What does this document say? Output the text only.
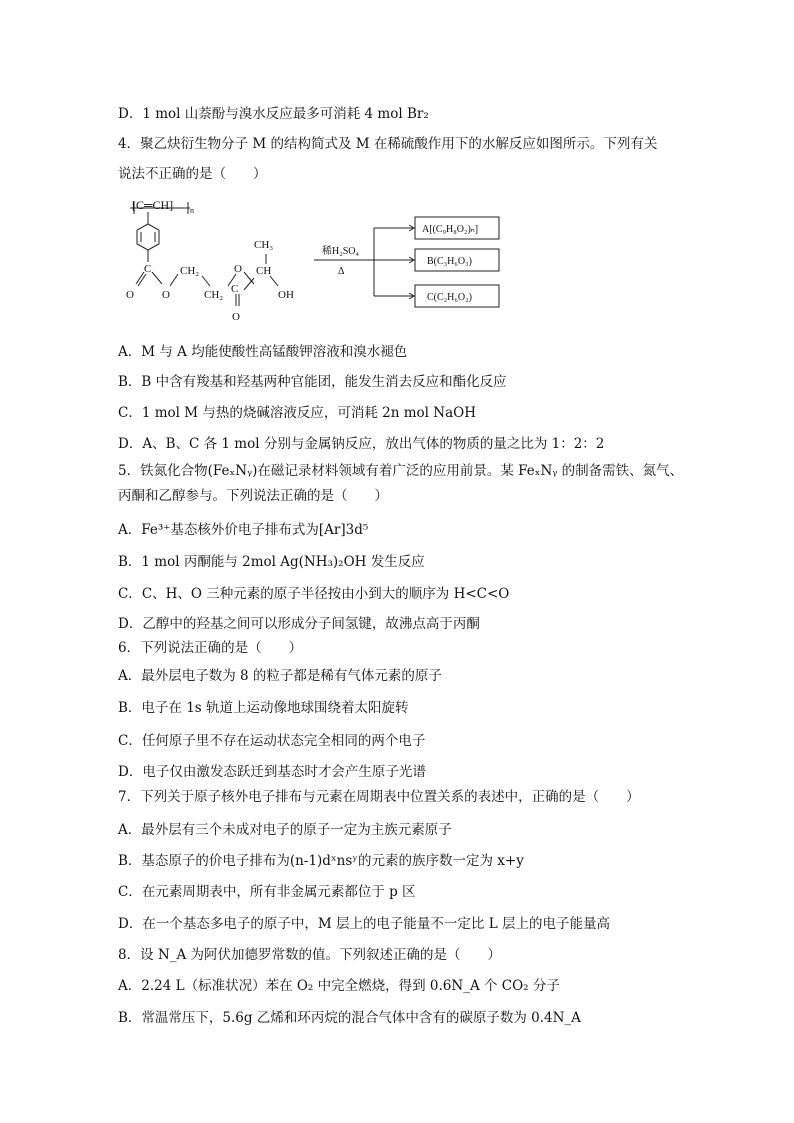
D．1 mol 山萘酚与溴水反应最多可消耗 4 mol Br₂
4．聚乙炔衍生物分子 M 的结构简式及 M 在稀硫酸作用下的水解反应如图所示。下列有关
说法不正确的是（　　）
[C═CH] n
C
O	O
CH₂
CH₂
O
C
O
CH₃
CH
OH
稀H₂SO₄
Δ
A[(C₉H₈O₂)ₙ]
B(C₃H₆O₃)
C(C₂H₆O₂)
A．M 与 A 均能使酸性高锰酸钾溶液和溴水褪色
B．B 中含有羧基和羟基两种官能团，能发生消去反应和酯化反应
C．1 mol M 与热的烧碱溶液反应，可消耗 2n mol NaOH
D．A、B、C 各 1 mol 分别与金属钠反应，放出气体的物质的量之比为 1：2：2
5．铁氮化合物(FeₓNᵧ)在磁记录材料领域有着广泛的应用前景。某 FeₓNᵧ 的制备需铁、氮气、
丙酮和乙醇参与。下列说法正确的是（　　）
A．Fe³⁺基态核外价电子排布式为[Ar]3d⁵
B．1 mol 丙酮能与 2mol Ag(NH₃)₂OH 发生反应
C．C、H、O 三种元素的原子半径按由小到大的顺序为 H<C<O
D．乙醇中的羟基之间可以形成分子间氢键，故沸点高于丙酮
6．下列说法正确的是（　　）
A．最外层电子数为 8 的粒子都是稀有气体元素的原子
B．电子在 1s 轨道上运动像地球围绕着太阳旋转
C．任何原子里不存在运动状态完全相同的两个电子
D．电子仅由激发态跃迁到基态时才会产生原子光谱
7．下列关于原子核外电子排布与元素在周期表中位置关系的表述中，正确的是（　　）
A．最外层有三个未成对电子的原子一定为主族元素原子
B．基态原子的价电子排布为(n-1)dˣnsʸ的元素的族序数一定为 x+y
C．在元素周期表中，所有非金属元素都位于 p 区
D．在一个基态多电子的原子中，M 层上的电子能量不一定比 L 层上的电子能量高
8．设 N_A 为阿伏加德罗常数的值。下列叙述正确的是（　　）
A．2.24 L（标准状况）苯在 O₂ 中完全燃烧，得到 0.6N_A 个 CO₂ 分子
B．常温常压下，5.6g 乙烯和环丙烷的混合气体中含有的碳原子数为 0.4N_A
